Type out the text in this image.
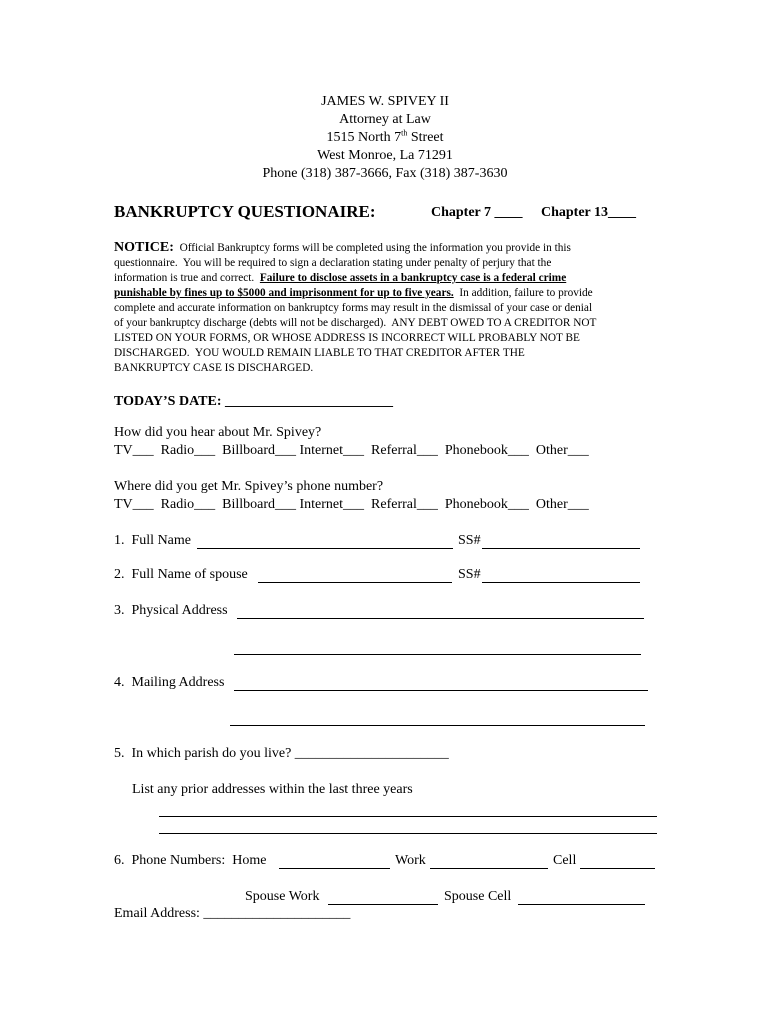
JAMES W. SPIVEY II
Attorney at Law
1515 North 7th Street
West Monroe, La 71291
Phone (318) 387-3666, Fax (318) 387-3630
BANKRUPTCY QUESTIONAIRE:	Chapter 7 ____ Chapter 13____
NOTICE: Official Bankruptcy forms will be completed using the information you provide in this
questionnaire.  You will be required to sign a declaration stating under penalty of perjury that the
information is true and correct.  Failure to disclose assets in a bankruptcy case is a federal crime
punishable by fines up to $5000 and imprisonment for up to five years.  In addition, failure to provide
complete and accurate information on bankruptcy forms may result in the dismissal of your case or denial
of your bankruptcy discharge (debts will not be discharged).  ANY DEBT OWED TO A CREDITOR NOT
LISTED ON YOUR FORMS, OR WHOSE ADDRESS IS INCORRECT WILL PROBABLY NOT BE
DISCHARGED.  YOU WOULD REMAIN LIABLE TO THAT CREDITOR AFTER THE
BANKRUPTCY CASE IS DISCHARGED.
TODAY’S DATE: ________________________
How did you hear about Mr. Spivey?
TV___  Radio___  Billboard___ Internet___  Referral___  Phonebook___  Other___
Where did you get Mr. Spivey’s phone number?
TV___  Radio___  Billboard___ Internet___  Referral___  Phonebook___  Other___
1.  Full Name	SS#
2.  Full Name of spouse	SS#
3.  Physical Address
4.  Mailing Address
5.  In which parish do you live? ______________________
List any prior addresses within the last three years
6.  Phone Numbers:  Home	Work	Cell
Spouse Work	Spouse Cell
Email Address: _____________________
